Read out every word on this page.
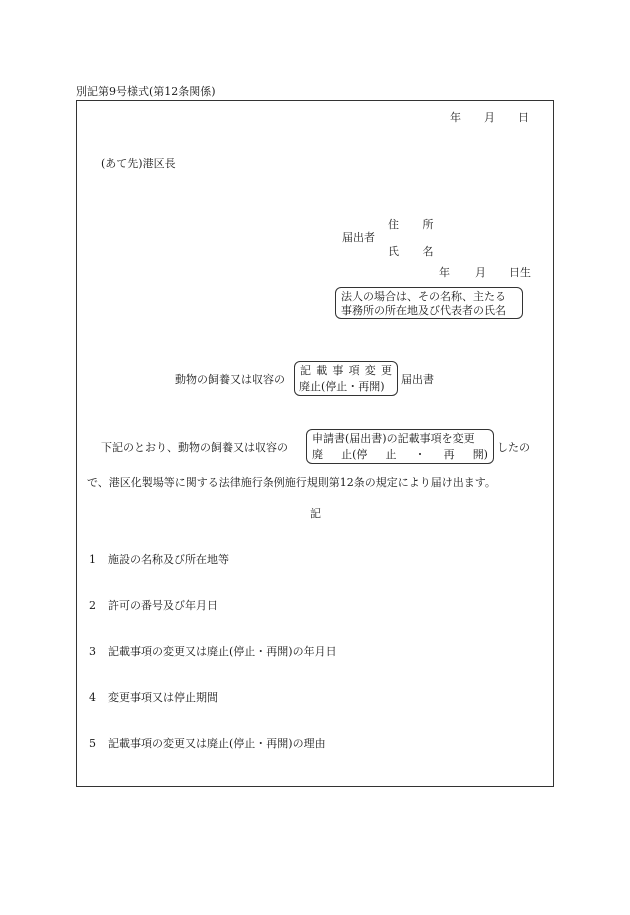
別記第9号様式(第12条関係)
年 月 日
(あて先)港区長
住 所
届出者
氏 名
年 月 日生
法人の場合は、その名称、主たる
事務所の所在地及び代表者の氏名
動物の飼養又は収容の
記 載 事 項 変 更
廃止(停止・再開)
届出書
下記のとおり、動物の飼養又は収容の
申請書(届出書)の記載事項を変更
廃 止(停 止 ・ 再 開)
したの
で、港区化製場等に関する法律施行条例施行規則第12条の規定により届け出ます。
記
1 施設の名称及び所在地等
2 許可の番号及び年月日
3 記載事項の変更又は廃止(停止・再開)の年月日
4 変更事項又は停止期間
5 記載事項の変更又は廃止(停止・再開)の理由
